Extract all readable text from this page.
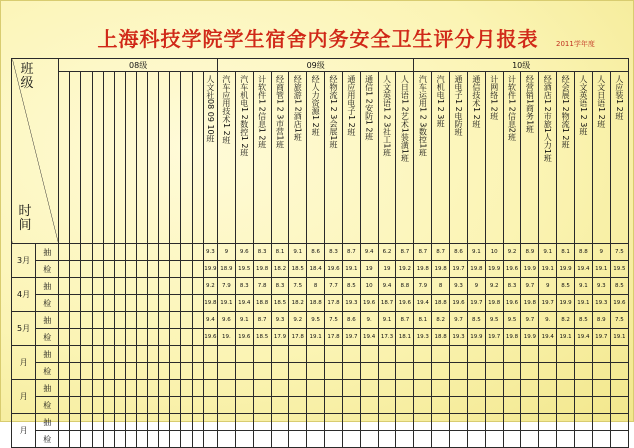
上海科技学院学生宿舍内务安全卫生评分月报表	2011学年度
班级
时间		08级														09级											10级											
															人文社08 09 10班	汽车应用技术1 2班	汽车机电1 2数控1 2班	计软件1 2信息1 2班	经商管1 2 3市营1班	经旅游1 2酒店1班	经人力资源1 2班	经物流1 2 3会展1班	通应用电子1 2班	通信1 2安防1 2班	人文英语1 2 3社工1班	人日语1 2艺术1装潢1班	汽车运用1 2 3数控1班	汽机电1 2 3班	通电子1 2电防班	通信技术1 2班	计网络1 2班	计软件1 2信息2班	经营销1商务1班	经酒店1 2市旅1人力1班	经会展1 2物流1 2班	人文英语1 2 3班	人文日语1 2班	人应装1 2班
3月	抽														9.3	9	9.6	8.3	8.1	9.1	8.6	8.3	8.7	9.4	6.2	8.7	8.7	8.7	8.6	9.1	10	9.2	8.9	9.1	8.1	8.8	9	7.5
	检														19.9	18.9	19.5	19.8	18.2	18.5	18.4	19.6	19.1	19	19	19.2	19.8	19.8	19.7	19.8	19.9	19.6	19.9	19.1	19.9	19.4	19.1	19.5
4月	抽														9.2	7.9	8.3	7.8	8.3	7.5	8	7.7	8.5	10	9.4	8.8	7.9	8	9.3	9	9.2	8.3	9.7	9	8.5	9.1	9.3	8.5
	检														19.8	19.1	19.4	18.8	18.5	18.2	18.8	17.8	19.3	19.6	18.7	19.6	19.4	18.8	19.6	19.7	19.8	19.6	19.8	19.7	19.9	19.1	19.3	19.6
5月	抽														9.4	9.6	9.1	8.7	9.3	9.2	9.5	7.5	8.6	9.	9.1	8.7	8.1	8.2	9.7	8.5	9.5	9.5	9.7	9.	8.2	8.5	8.9	7.5
	检														19.6	19.	19.6	18.5	17.9	17.8	19.1	17.8	19.7	19.4	17.3	18.1	19.3	18.8	19.3	19.9	19.7	19.8	19.9	19.4	19.1	19.4	19.7	19.1
月	抽																																					
	检																																					
月	抽																																					
	检																																					
月	抽																																					
	检																																					
